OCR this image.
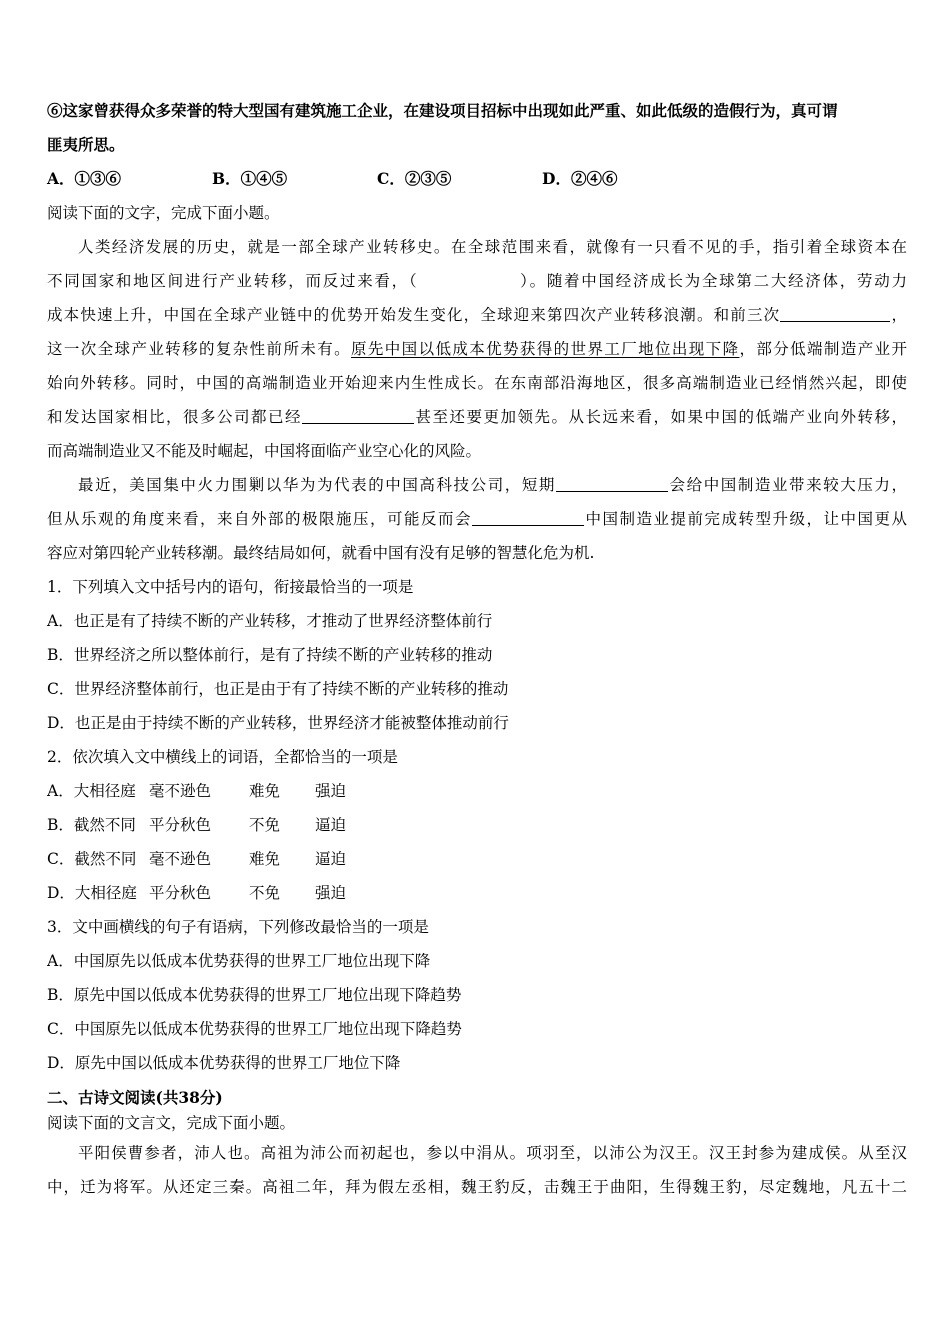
⑥这家曾获得众多荣誉的特大型国有建筑施工企业，在建设项目招标中出现如此严重、如此低级的造假行为，真可谓
匪夷所思。
A．①③⑥	B．①④⑤	C．②③⑤	D．②④⑥
阅读下面的文字，完成下面小题。
人类经济发展的历史，就是一部全球产业转移史。在全球范围来看，就像有一只看不见的手，指引着全球资本在
不同国家和地区间进行产业转移，而反过来看，（	）。随着中国经济成长为全球第二大经济体，劳动力
成本快速上升，中国在全球产业链中的优势开始发生变化，全球迎来第四次产业转移浪潮。和前三次	，
这一次全球产业转移的复杂性前所未有。原先中国以低成本优势获得的世界工厂地位出现下降，部分低端制造产业开
始向外转移。同时，中国的高端制造业开始迎来内生性成长。在东南部沿海地区，很多高端制造业已经悄然兴起，即使
和发达国家相比，很多公司都已经	甚至还要更加领先。从长远来看，如果中国的低端产业向外转移，
而高端制造业又不能及时崛起，中国将面临产业空心化的风险。
最近，美国集中火力围剿以华为为代表的中国高科技公司，短期	会给中国制造业带来较大压力，
但从乐观的角度来看，来自外部的极限施压，可能反而会	中国制造业提前完成转型升级，让中国更从
容应对第四轮产业转移潮。最终结局如何，就看中国有没有足够的智慧化危为机.
1．下列填入文中括号内的语句，衔接最恰当的一项是
A．也正是有了持续不断的产业转移，才推动了世界经济整体前行
B．世界经济之所以整体前行，是有了持续不断的产业转移的推动
C．世界经济整体前行，也正是由于有了持续不断的产业转移的推动
D．也正是由于持续不断的产业转移，世界经济才能被整体推动前行
2．依次填入文中横线上的词语，全都恰当的一项是
A．大相径庭 毫不逊色 难免 强迫
B．截然不同 平分秋色 不免 逼迫
C．截然不同 毫不逊色 难免 逼迫
D．大相径庭 平分秋色 不免 强迫
3．文中画横线的句子有语病，下列修改最恰当的一项是
A．中国原先以低成本优势获得的世界工厂地位出现下降
B．原先中国以低成本优势获得的世界工厂地位出现下降趋势
C．中国原先以低成本优势获得的世界工厂地位出现下降趋势
D．原先中国以低成本优势获得的世界工厂地位下降
二、古诗文阅读(共38分)
阅读下面的文言文，完成下面小题。
平阳侯曹参者，沛人也。高祖为沛公而初起也，参以中涓从。项羽至，以沛公为汉王。汉王封参为建成侯。从至汉
中，迁为将军。从还定三秦。高祖二年，拜为假左丞相，魏王豹反，击魏王于曲阳，生得魏王豹，尽定魏地，凡五十二
